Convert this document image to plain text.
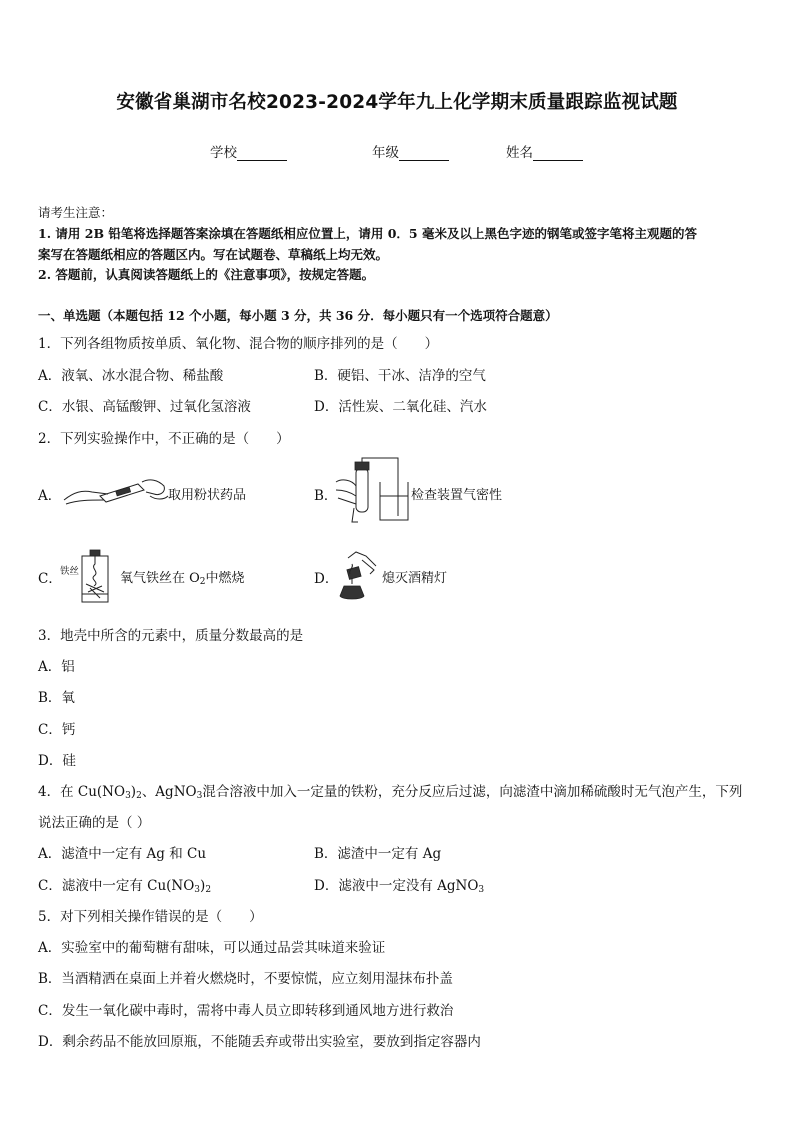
安徽省巢湖市名校2023-2024学年九上化学期末质量跟踪监视试题
学校	年级	姓名
请考生注意：
1. 请用 2B 铅笔将选择题答案涂填在答题纸相应位置上，请用 0．5 毫米及以上黑色字迹的钢笔或签字笔将主观题的答
案写在答题纸相应的答题区内。写在试题卷、草稿纸上均无效。
2. 答题前，认真阅读答题纸上的《注意事项》，按规定答题。
一、单选题（本题包括 12 个小题，每小题 3 分，共 36 分．每小题只有一个选项符合题意）
1．下列各组物质按单质、氧化物、混合物的顺序排列的是（　　）
A．液氧、冰水混合物、稀盐酸	B．硬铝、干冰、洁净的空气
C．水银、高锰酸钾、过氧化氢溶液	D．活性炭、二氧化硅、汽水
2．下列实验操作中，不正确的是（　　）
A．	取用粉状药品	B．	检查装置气密性
C．
铁丝	氧气铁丝在 $O_2$中燃烧	D．	熄灭酒精灯
3．地壳中所含的元素中，质量分数最高的是
A．铝
B．氧
C．钙
D．硅
4．在 $Cu(NO_3)_2$、AgNO$_3$混合溶液中加入一定量的铁粉，充分反应后过滤，向滤渣中滴加稀硫酸时无气泡产生，下列
说法正确的是（ ）
A．滤渣中一定有 Ag 和 Cu	B．滤渣中一定有 Ag
C．滤液中一定有 $Cu(NO_3)_2$	D．滤液中一定没有 AgNO$_3$
5．对下列相关操作错误的是（　　）
A．实验室中的葡萄糖有甜味，可以通过品尝其味道来验证
B．当酒精洒在桌面上并着火燃烧时，不要惊慌，应立刻用湿抹布扑盖
C．发生一氧化碳中毒时，需将中毒人员立即转移到通风地方进行救治
D．剩余药品不能放回原瓶，不能随丢弃或带出实验室，要放到指定容器内
